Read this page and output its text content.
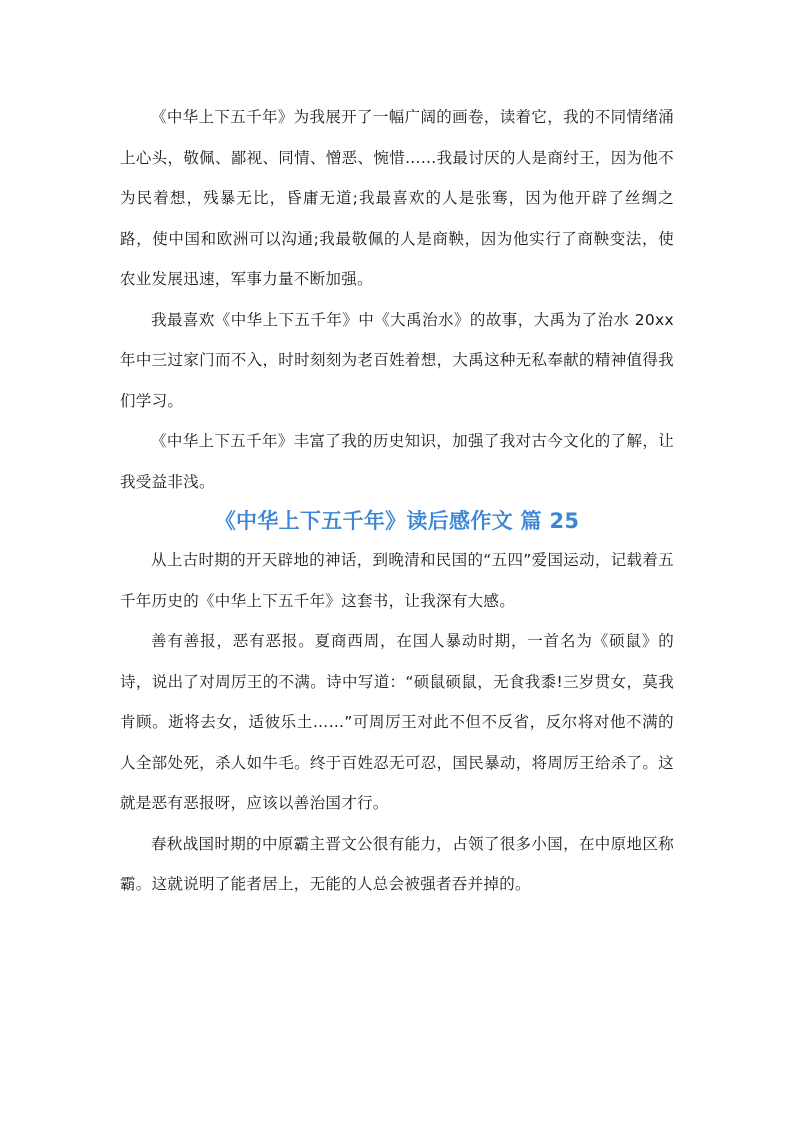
《中华上下五千年》为我展开了一幅广阔的画卷，读着它，我的不同情绪涌上心头，敬佩、鄙视、同情、憎恶、惋惜……我最讨厌的人是商纣王，因为他不为民着想，残暴无比，昏庸无道;我最喜欢的人是张骞，因为他开辟了丝绸之路，使中国和欧洲可以沟通;我最敬佩的人是商鞅，因为他实行了商鞅变法，使农业发展迅速，军事力量不断加强。

我最喜欢《中华上下五千年》中《大禹治水》的故事，大禹为了治水 20xx 年中三过家门而不入，时时刻刻为老百姓着想，大禹这种无私奉献的精神值得我们学习。

《中华上下五千年》丰富了我的历史知识，加强了我对古今文化的了解，让我受益非浅。

《中华上下五千年》读后感作文 篇 25

从上古时期的开天辟地的神话，到晚清和民国的“五四”爱国运动，记载着五千年历史的《中华上下五千年》这套书，让我深有大感。

善有善报，恶有恶报。夏商西周，在国人暴动时期，一首名为《硕鼠》的诗，说出了对周厉王的不满。诗中写道：“硕鼠硕鼠，无食我黍!三岁贯女，莫我肯顾。逝将去女，适彼乐土……”可周厉王对此不但不反省，反尔将对他不满的人全部处死，杀人如牛毛。终于百姓忍无可忍，国民暴动，将周厉王给杀了。这就是恶有恶报呀，应该以善治国才行。

春秋战国时期的中原霸主晋文公很有能力，占领了很多小国，在中原地区称霸。这就说明了能者居上，无能的人总会被强者吞并掉的。
